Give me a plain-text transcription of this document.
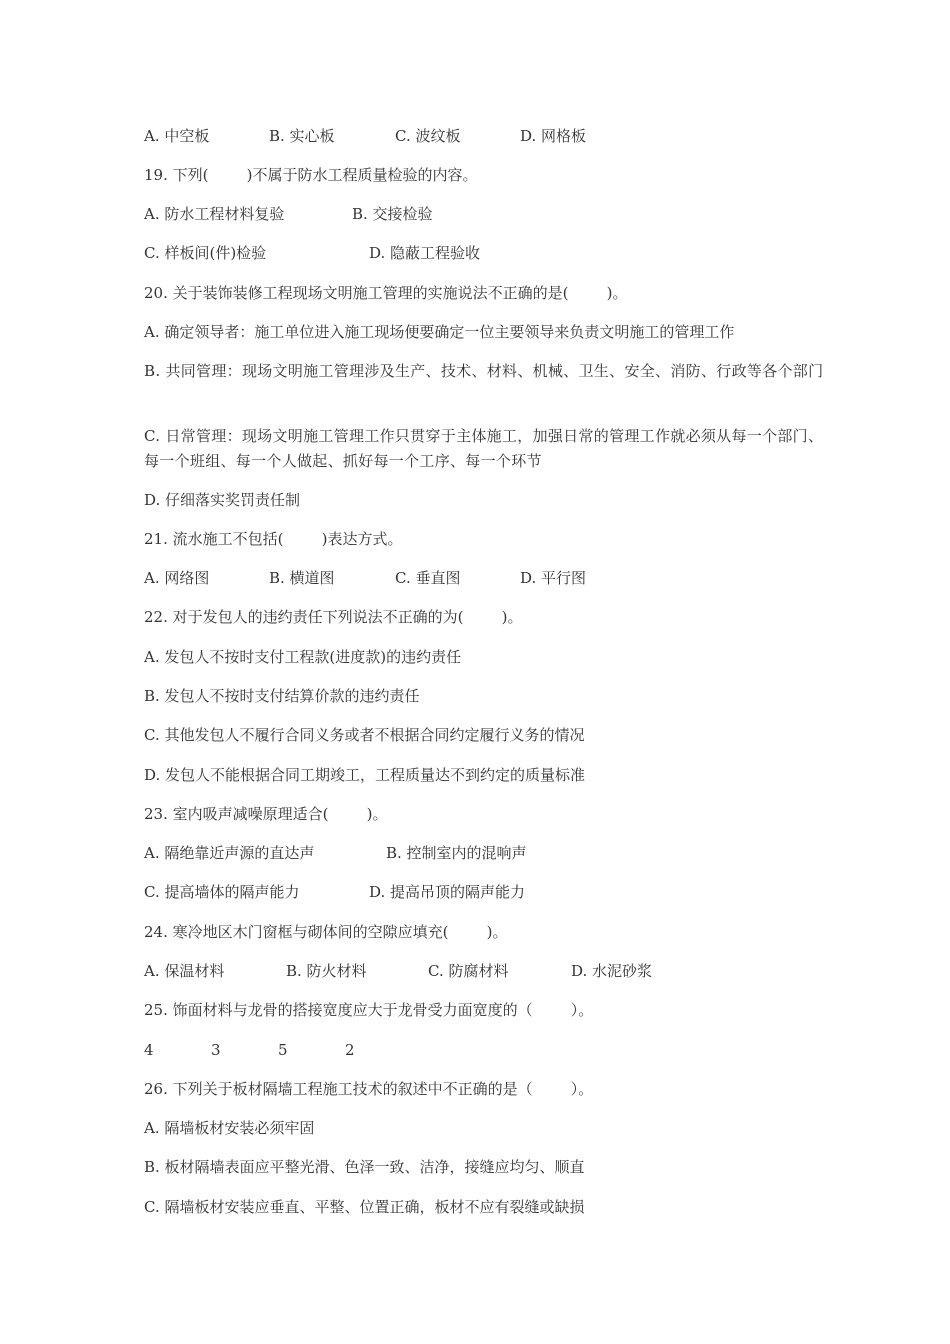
A. 中空板

	B. 实心板

	C. 波纹板

	D. 网格板

19. 下列(        )不属于防水工程质量检验的内容。

A. 防水工程材料复验

	B. 交接检验

C. 样板间(件)检验

	D. 隐蔽工程验收

20. 关于装饰装修工程现场文明施工管理的实施说法不正确的是(        )。
A. 确定领导者：施工单位进入施工现场便要确定一位主要领导来负责文明施工的管理工作
B. 共同管理：现场文明施工管理涉及生产、技术、材料、机械、卫生、安全、消防、行政等各个部门
C. 日常管理：现场文明施工管理工作只贯穿于主体施工，加强日常的管理工作就必须从每一个部门、每一个班组、每一个人做起、抓好每一个工序、每一个环节
D. 仔细落实奖罚责任制
21. 流水施工不包括(        )表达方式。

A. 网络图

	B. 横道图

	C. 垂直图

	D. 平行图

22. 对于发包人的违约责任下列说法不正确的为(        )。
A. 发包人不按时支付工程款(进度款)的违约责任
B. 发包人不按时支付结算价款的违约责任
C. 其他发包人不履行合同义务或者不根据合同约定履行义务的情况
D. 发包人不能根据合同工期竣工，工程质量达不到约定的质量标准
23. 室内吸声减噪原理适合(        )。

A. 隔绝靠近声源的直达声

	B. 控制室内的混响声

C. 提高墙体的隔声能力

	D. 提高吊顶的隔声能力

24. 寒冷地区木门窗框与砌体间的空隙应填充(        )。

A. 保温材料

	B. 防火材料

	C. 防腐材料

	D. 水泥砂浆

25. 饰面材料与龙骨的搭接宽度应大于龙骨受力面宽度的（        ）。

4

	3

	5

	2

26. 下列关于板材隔墙工程施工技术的叙述中不正确的是（        ）。
A. 隔墙板材安装必须牢固
B. 板材隔墙表面应平整光滑、色泽一致、洁净，接缝应均匀、顺直
C. 隔墙板材安装应垂直、平整、位置正确，板材不应有裂缝或缺损
